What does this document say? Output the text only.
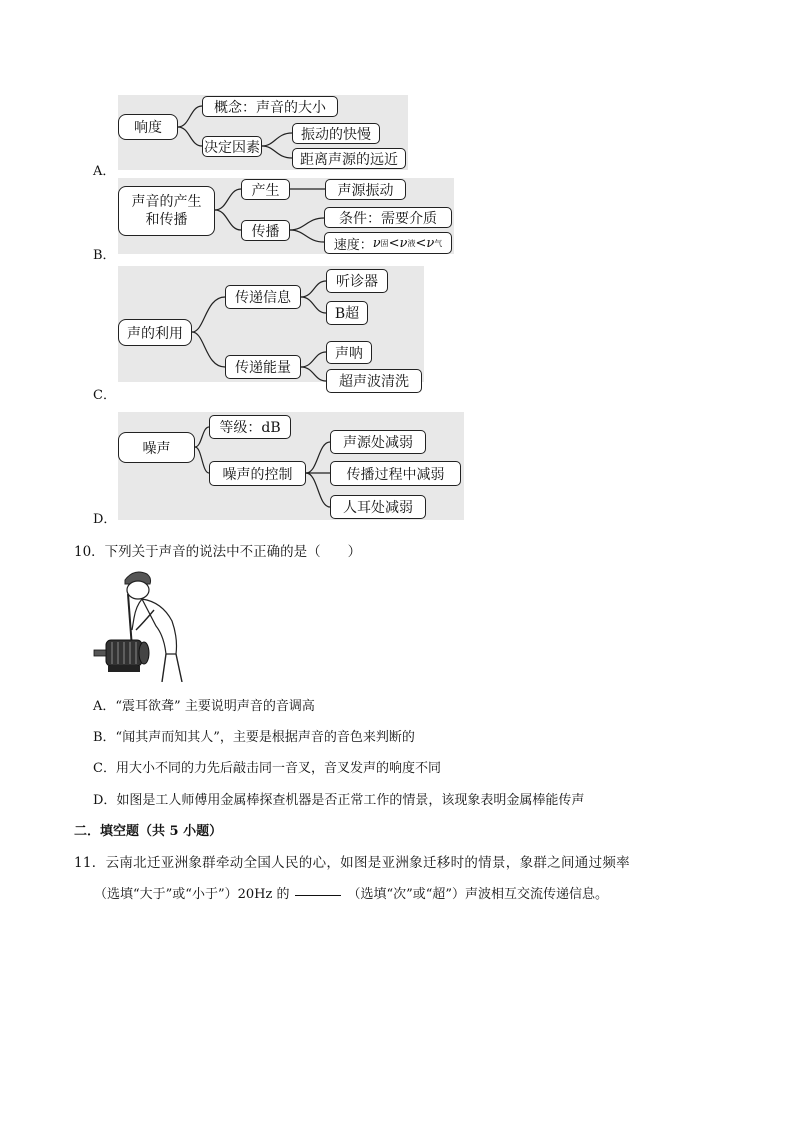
响度
概念：声音的大小
决定因素
振动的快慢
距离声源的远近
A．
声音的产生
和传播
产生	声源振动
传播
条件：需要介质
速度： ν 固 < ν 液 < ν 气
B．
声的利用
传递信息
听诊器
B超
传递能量
声呐
超声波清洗
C．
噪声
等级：dB
噪声的控制
声源处减弱
传播过程中减弱
人耳处减弱
D．
10．下列关于声音的说法中不正确的是（　　）
A．“震耳欲聋” 主要说明声音的音调高
B．“闻其声而知其人”，主要是根据声音的音色来判断的
C．用大小不同的力先后敲击同一音叉，音叉发声的响度不同
D．如图是工人师傅用金属棒探查机器是否正常工作的情景，该现象表明金属棒能传声
二．填空题（共 5 小题）
11．云南北迁亚洲象群牵动全国人民的心，如图是亚洲象迁移时的情景，象群之间通过频率
（选填“大于”或“小于”）20Hz 的	（选填“次”或“超”）声波相互交流传递信息。
